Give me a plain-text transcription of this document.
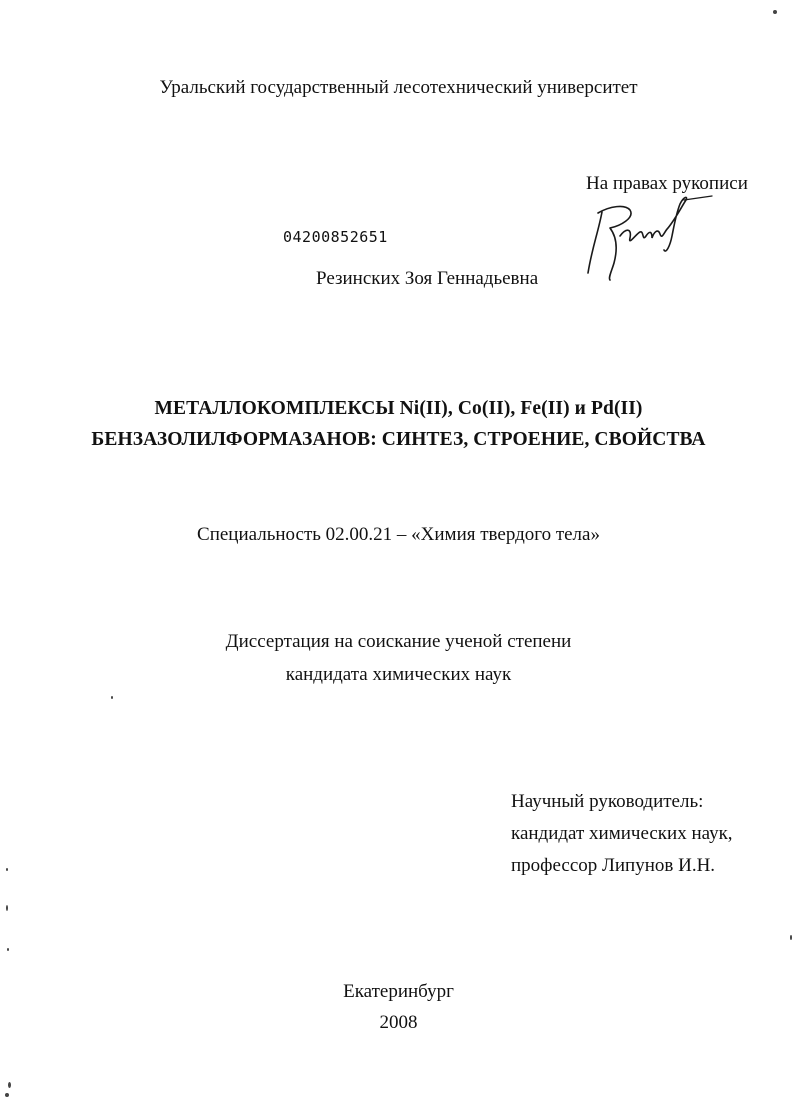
Уральский государственный лесотехнический университет
На правах рукописи
04200852651
Резинских Зоя Геннадьевна
МЕТАЛЛОКОМПЛЕКСЫ Ni(II), Co(II), Fe(II) и Pd(II)
БЕНЗАЗОЛИЛФОРМАЗАНОВ: СИНТЕЗ, СТРОЕНИЕ, СВОЙСТВА
Специальность 02.00.21 – «Химия твердого тела»
Диссертация на соискание ученой степени
кандидата химических наук
Научный руководитель:
кандидат химических наук,
профессор Липунов И.Н.
Екатеринбург
2008
